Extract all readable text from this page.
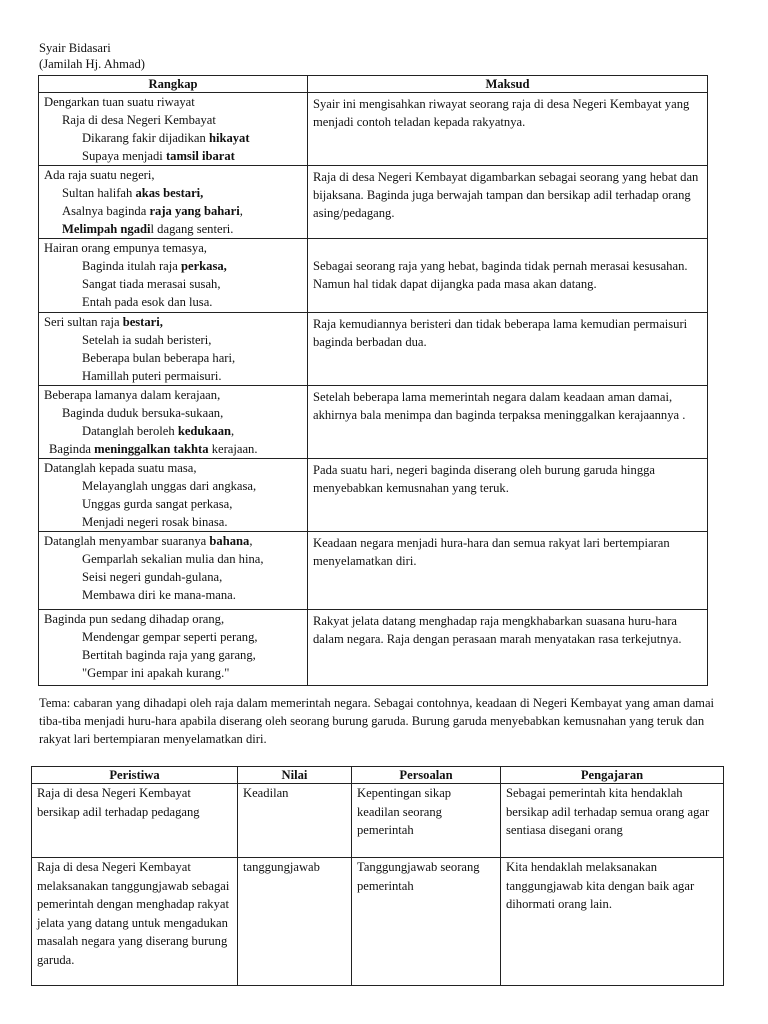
Syair Bidasari
(Jamilah Hj. Ahmad)
Rangkap	Maksud

Dengarkan tuan suatu riwayat
Raja di desa Negeri Kembayat
Dikarang fakir dijadikan hikayat
Supaya menjadi tamsil ibarat	Syair ini mengisahkan riwayat seorang raja di desa Negeri Kembayat yang menjadi contoh teladan kepada rakyatnya.

Ada raja suatu negeri,
Sultan halifah akas bestari,
Asalnya baginda raja yang bahari,
Melimpah ngadil dagang senteri.	Raja di desa Negeri Kembayat digambarkan sebagai seorang yang hebat dan bijaksana. Baginda juga berwajah tampan dan bersikap adil terhadap orang asing/pedagang.

Hairan orang empunya temasya,
Baginda itulah raja perkasa,
Sangat tiada merasai susah,
Entah pada esok dan lusa.	Sebagai seorang raja yang hebat, baginda tidak pernah merasai kesusahan. Namun hal tidak dapat dijangka pada masa akan datang.

Seri sultan raja bestari,
Setelah ia sudah beristeri,
Beberapa bulan beberapa hari,
Hamillah puteri permaisuri.	Raja kemudiannya beristeri dan tidak beberapa lama kemudian permaisuri baginda berbadan dua.

Beberapa lamanya dalam kerajaan,
Baginda duduk bersuka-sukaan,
Datanglah beroleh kedukaan,
Baginda meninggalkan takhta kerajaan.	Setelah beberapa lama memerintah negara dalam keadaan aman damai, akhirnya bala menimpa dan baginda terpaksa meninggalkan kerajaannya .

Datanglah kepada suatu masa,
Melayanglah unggas dari angkasa,
Unggas gurda sangat perkasa,
Menjadi negeri rosak binasa.	Pada suatu hari, negeri baginda diserang oleh burung garuda hingga menyebabkan kemusnahan yang teruk.

Datanglah menyambar suaranya bahana,
Gemparlah sekalian mulia dan hina,
Seisi negeri gundah-gulana,
Membawa diri ke mana-mana.	Keadaan negara menjadi hura-hara dan semua rakyat lari bertempiaran menyelamatkan diri.

Baginda pun sedang dihadap orang,
Mendengar gempar seperti perang,
Bertitah baginda raja yang garang,
"Gempar ini apakah kurang."	Rakyat jelata datang menghadap raja mengkhabarkan suasana huru-hara dalam negara. Raja dengan perasaan marah menyatakan rasa terkejutnya.
Tema: cabaran yang dihadapi oleh raja dalam memerintah negara. Sebagai contohnya, keadaan di Negeri Kembayat yang aman damai tiba-tiba menjadi huru-hara apabila diserang oleh seorang burung garuda. Burung garuda menyebabkan kemusnahan yang teruk dan rakyat lari bertempiaran menyelamatkan diri.
Peristiwa	Nilai	Persoalan	Pengajaran
Raja di desa Negeri Kembayat bersikap adil terhadap pedagang	Keadilan	Kepentingan sikap keadilan seorang pemerintah	Sebagai pemerintah kita hendaklah bersikap adil terhadap semua orang agar sentiasa disegani orang
Raja di desa Negeri Kembayat melaksanakan tanggungjawab sebagai pemerintah dengan menghadap rakyat jelata yang datang untuk mengadukan masalah negara yang diserang burung garuda.	tanggungjawab	Tanggungjawab seorang pemerintah	Kita hendaklah melaksanakan tanggungjawab kita dengan baik agar dihormati orang lain.
